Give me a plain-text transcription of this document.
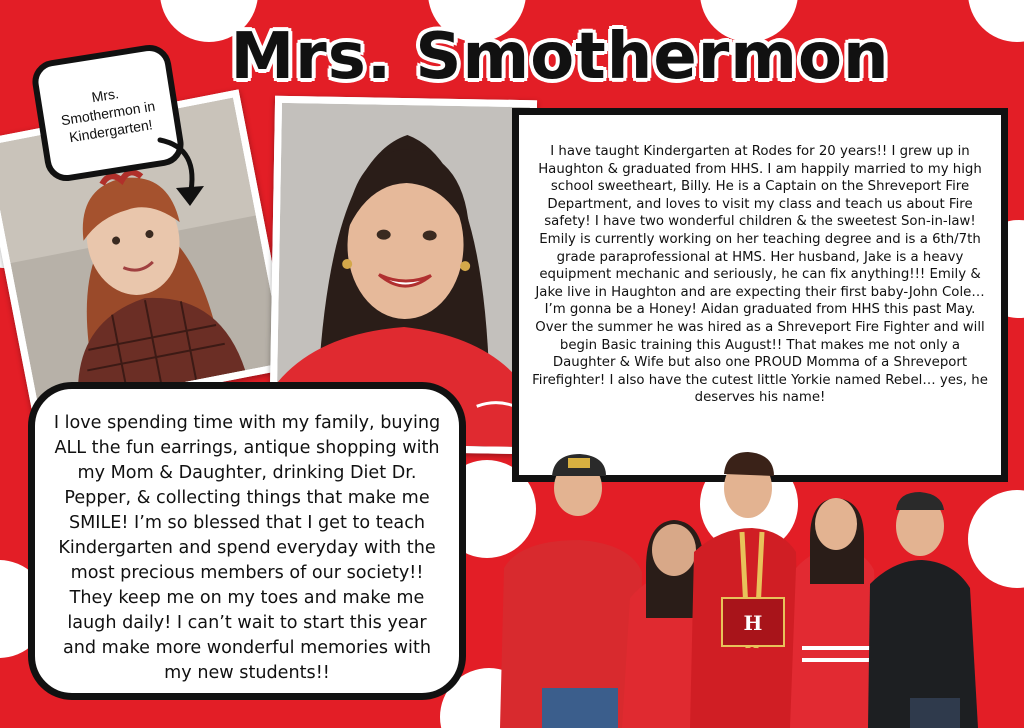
Mrs. Smothermon
Mrs. Smothermon in Kindergarten!
I have taught Kindergarten at Rodes for 20 years!! I grew up in Haughton & graduated from HHS. I am happily married to my high school sweetheart, Billy. He is a Captain on the Shreveport Fire Department, and loves to visit my class and teach us about Fire safety! I have two wonderful children & the sweetest Son-in-law! Emily is currently working on her teaching degree and is a 6th/7th grade paraprofessional at HMS. Her husband, Jake is a heavy equipment mechanic and seriously, he can fix anything!!! Emily & Jake live in Haughton and are expecting their first baby-John Cole…I’m gonna be a Honey! Aidan graduated from HHS this past May. Over the summer he was hired as a Shreveport Fire Fighter and will begin Basic training this August!! That makes me not only a Daughter & Wife but also one PROUD Momma of a Shreveport Firefighter! I also have the cutest little Yorkie named Rebel… yes, he deserves his name!
I love spending time with my family, buying ALL the fun earrings, antique shopping with my Mom & Daughter, drinking Diet Dr. Pepper, & collecting things that make me SMILE! I’m so blessed that I get to teach Kindergarten and spend everyday with the most precious members of our society!! They keep me on my toes and make me laugh daily! I can’t wait to start this year and make more wonderful memories with my new students!!
H
